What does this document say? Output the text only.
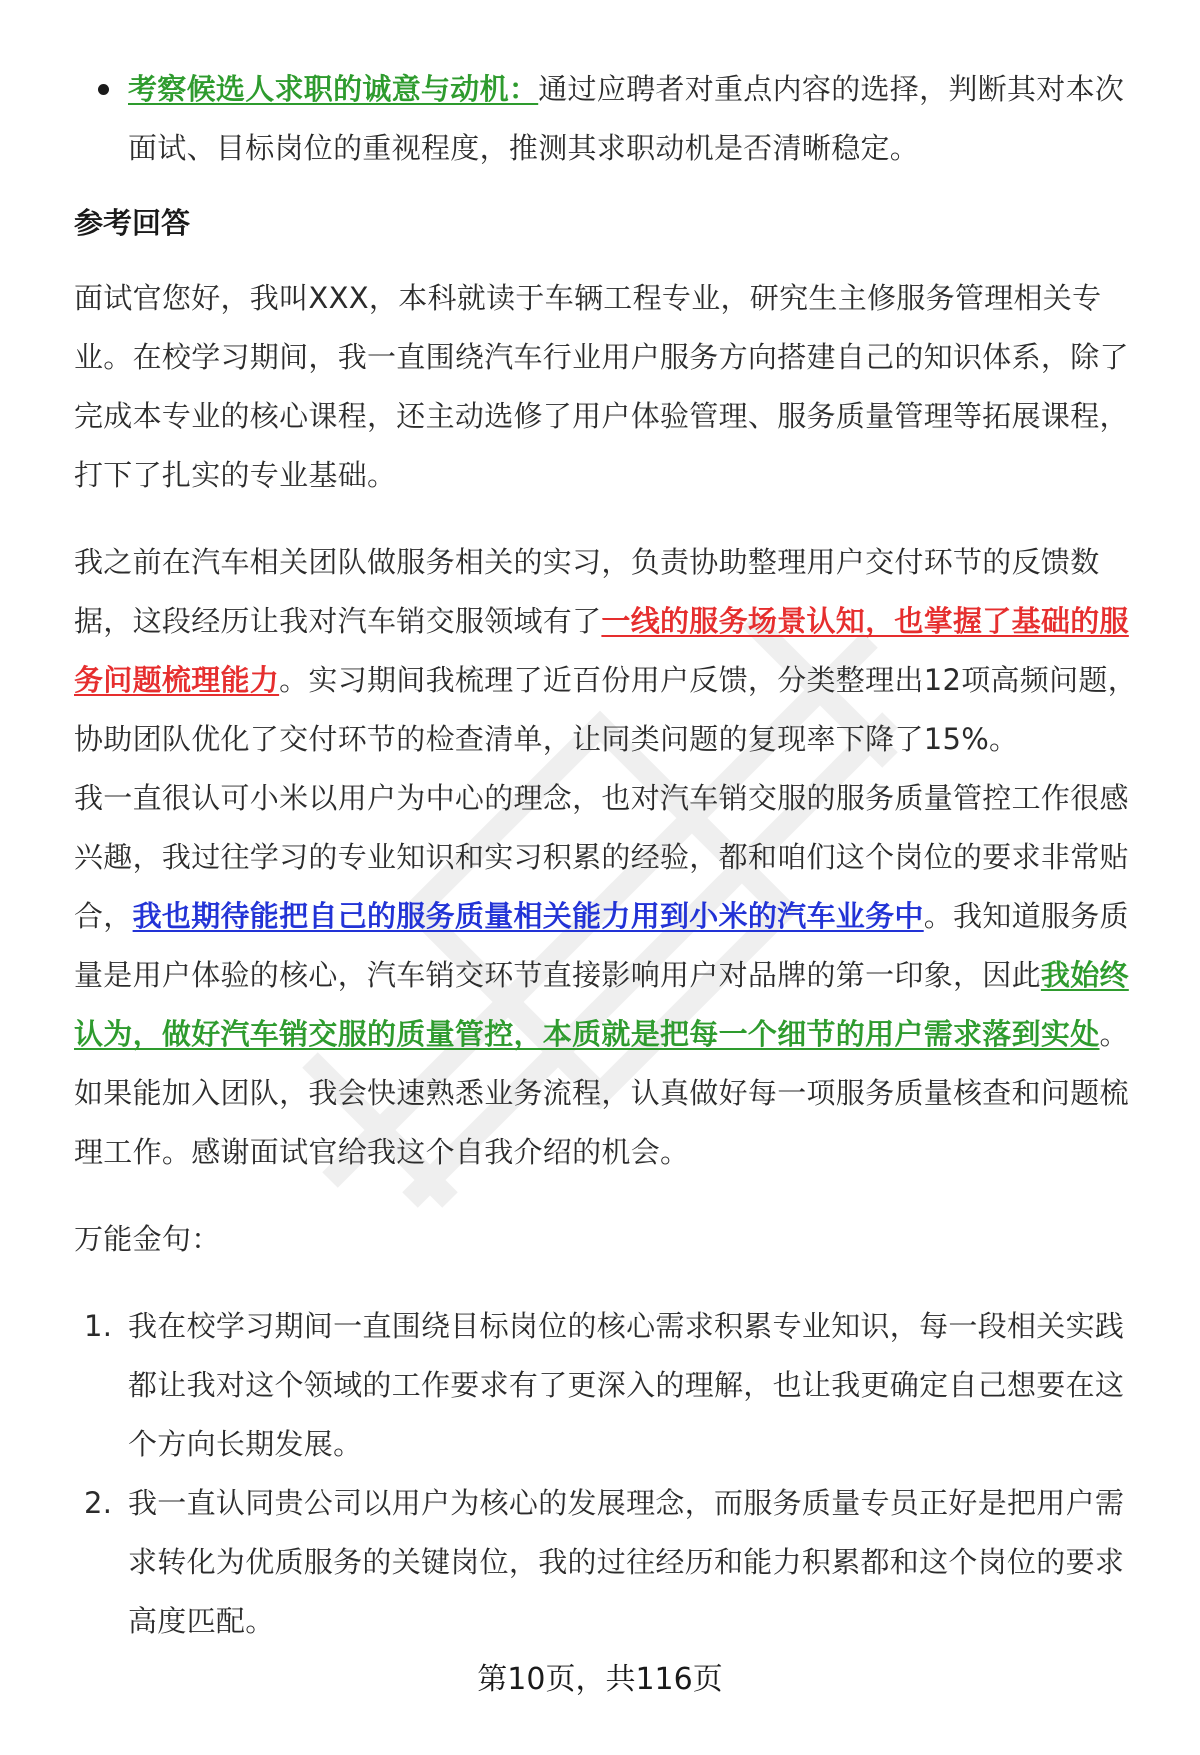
考察候选人求职的诚意与动机：通过应聘者对重点内容的选择，判断其对本次面试、目标岗位的重视程度，推测其求职动机是否清晰稳定。

参考回答

面试官您好，我叫XXX，本科就读于车辆工程专业，研究生主修服务管理相关专业。在校学习期间，我一直围绕汽车行业用户服务方向搭建自己的知识体系，除了完成本专业的核心课程，还主动选修了用户体验管理、服务质量管理等拓展课程，打下了扎实的专业基础。

我之前在汽车相关团队做服务相关的实习，负责协助整理用户交付环节的反馈数据，这段经历让我对汽车销交服领域有了一线的服务场景认知，也掌握了基础的服务问题梳理能力。实习期间我梳理了近百份用户反馈，分类整理出12项高频问题，协助团队优化了交付环节的检查清单，让同类问题的复现率下降了15%。

我一直很认可小米以用户为中心的理念，也对汽车销交服的服务质量管控工作很感兴趣，我过往学习的专业知识和实习积累的经验，都和咱们这个岗位的要求非常贴合，我也期待能把自己的服务质量相关能力用到小米的汽车业务中。我知道服务质量是用户体验的核心，汽车销交环节直接影响用户对品牌的第一印象，因此我始终认为，做好汽车销交服的质量管控，本质就是把每一个细节的用户需求落到实处。如果能加入团队，我会快速熟悉业务流程，认真做好每一项服务质量核查和问题梳理工作。感谢面试官给我这个自我介绍的机会。

万能金句：

1. 我在校学习期间一直围绕目标岗位的核心需求积累专业知识，每一段相关实践都让我对这个领域的工作要求有了更深入的理解，也让我更确定自己想要在这个方向长期发展。

2. 我一直认同贵公司以用户为核心的发展理念，而服务质量专员正好是把用户需求转化为优质服务的关键岗位，我的过往经历和能力积累都和这个岗位的要求高度匹配。

第10页，共116页
